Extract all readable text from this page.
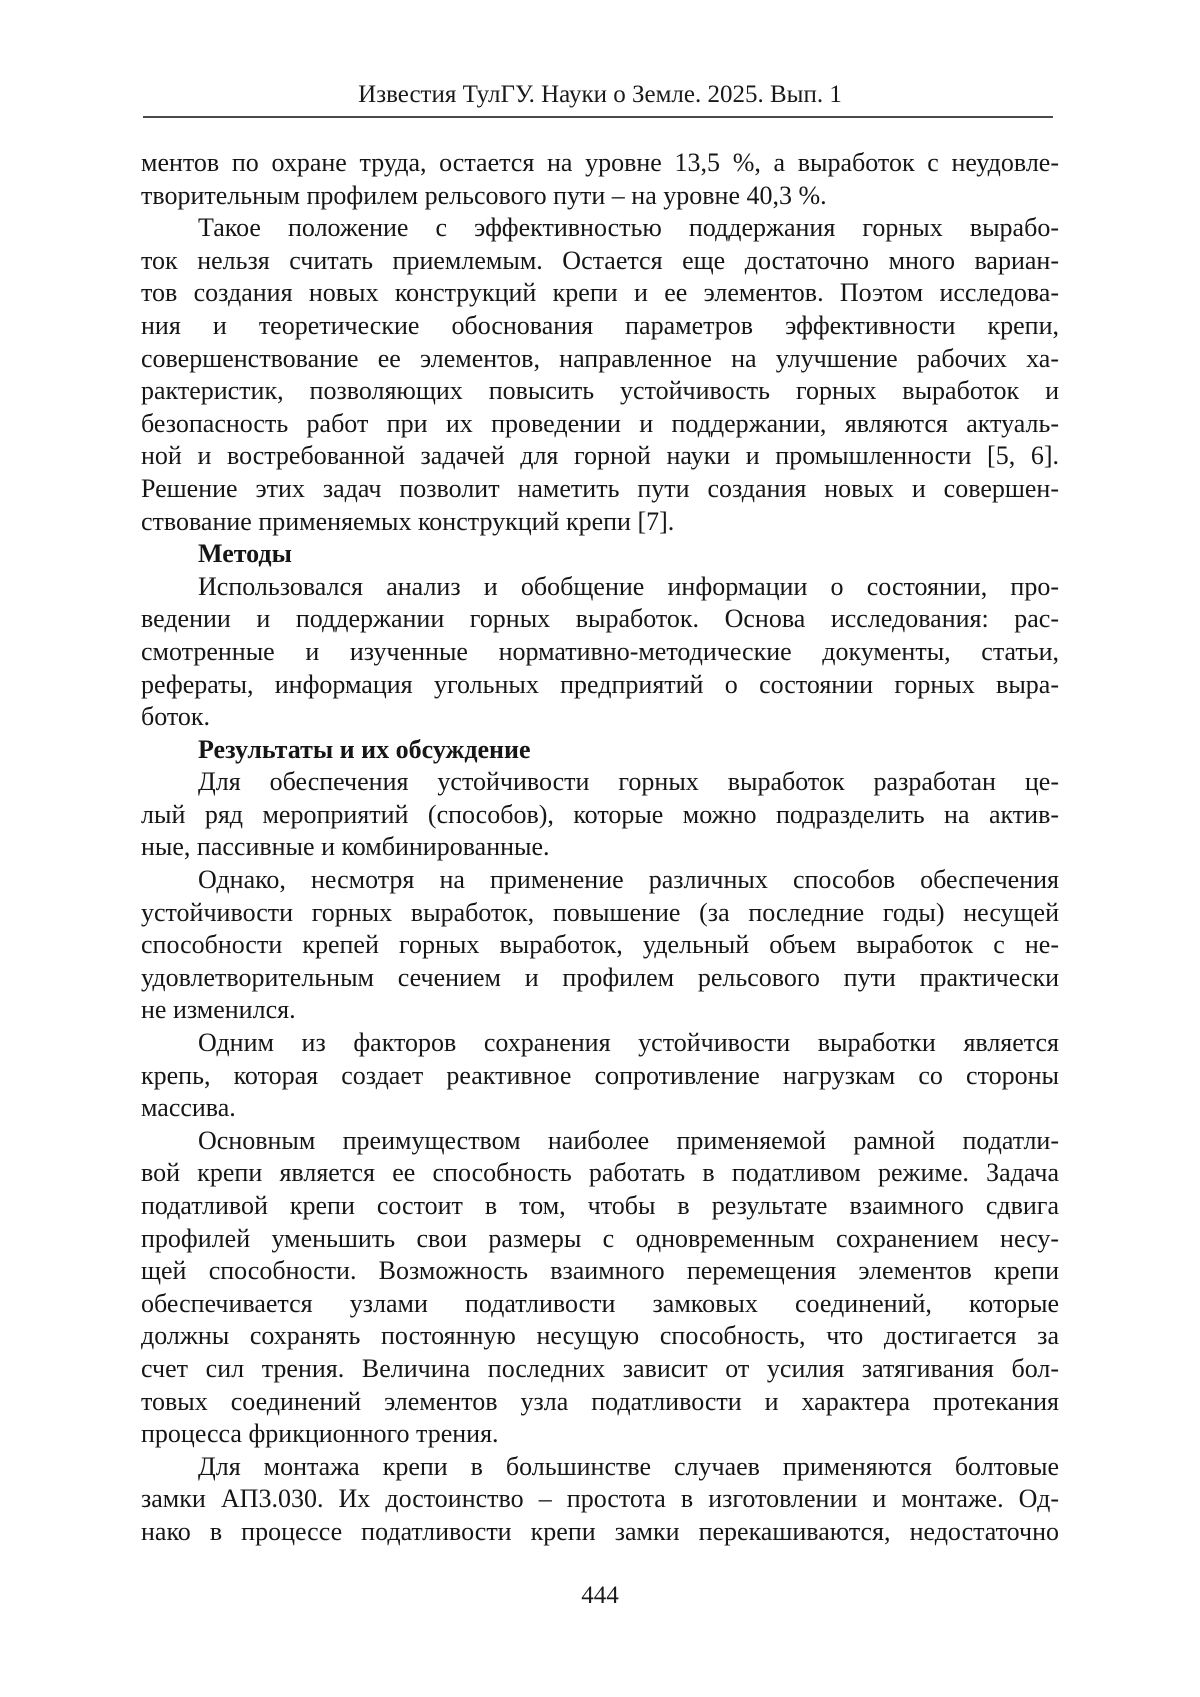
Известия ТулГУ. Науки о Земле. 2025. Вып. 1
ментов по охране труда, остается на уровне 13,5 %, а выработок с неудовле-
творительным профилем рельсового пути – на уровне 40,3 %.
Такое положение с эффективностью поддержания горных вырабо-
ток нельзя считать приемлемым. Остается еще достаточно много вариан-
тов создания новых конструкций крепи и ее элементов. Поэтом исследова-
ния и теоретические обоснования параметров эффективности крепи,
совершенствование ее элементов, направленное на улучшение рабочих ха-
рактеристик, позволяющих повысить устойчивость горных выработок и
безопасность работ при их проведении и поддержании, являются актуаль-
ной и востребованной задачей для горной науки и промышленности [5, 6].
Решение этих задач позволит наметить пути создания новых и совершен-
ствование применяемых конструкций крепи [7].
Методы
Использовался анализ и обобщение информации о состоянии, про-
ведении и поддержании горных выработок. Основа исследования: рас-
смотренные и изученные нормативно-методические документы, статьи,
рефераты, информация угольных предприятий о состоянии горных выра-
боток.
Результаты и их обсуждение
Для обеспечения устойчивости горных выработок разработан це-
лый ряд мероприятий (способов), которые можно подразделить на актив-
ные, пассивные и комбинированные.
Однако, несмотря на применение различных способов обеспечения
устойчивости горных выработок, повышение (за последние годы) несущей
способности крепей горных выработок, удельный объем выработок с не-
удовлетворительным сечением и профилем рельсового пути практически
не изменился.
Одним из факторов сохранения устойчивости выработки является
крепь, которая создает реактивное сопротивление нагрузкам со стороны
массива.
Основным преимуществом наиболее применяемой рамной податли-
вой крепи является ее способность работать в податливом режиме. Задача
податливой крепи состоит в том, чтобы в результате взаимного сдвига
профилей уменьшить свои размеры с одновременным сохранением несу-
щей способности. Возможность взаимного перемещения элементов крепи
обеспечивается узлами податливости замковых соединений, которые
должны сохранять постоянную несущую способность, что достигается за
счет сил трения. Величина последних зависит от усилия затягивания бол-
товых соединений элементов узла податливости и характера протекания
процесса фрикционного трения.
Для монтажа крепи в большинстве случаев применяются болтовые
замки АП3.030. Их достоинство – простота в изготовлении и монтаже. Од-
нако в процессе податливости крепи замки перекашиваются, недостаточно
444
